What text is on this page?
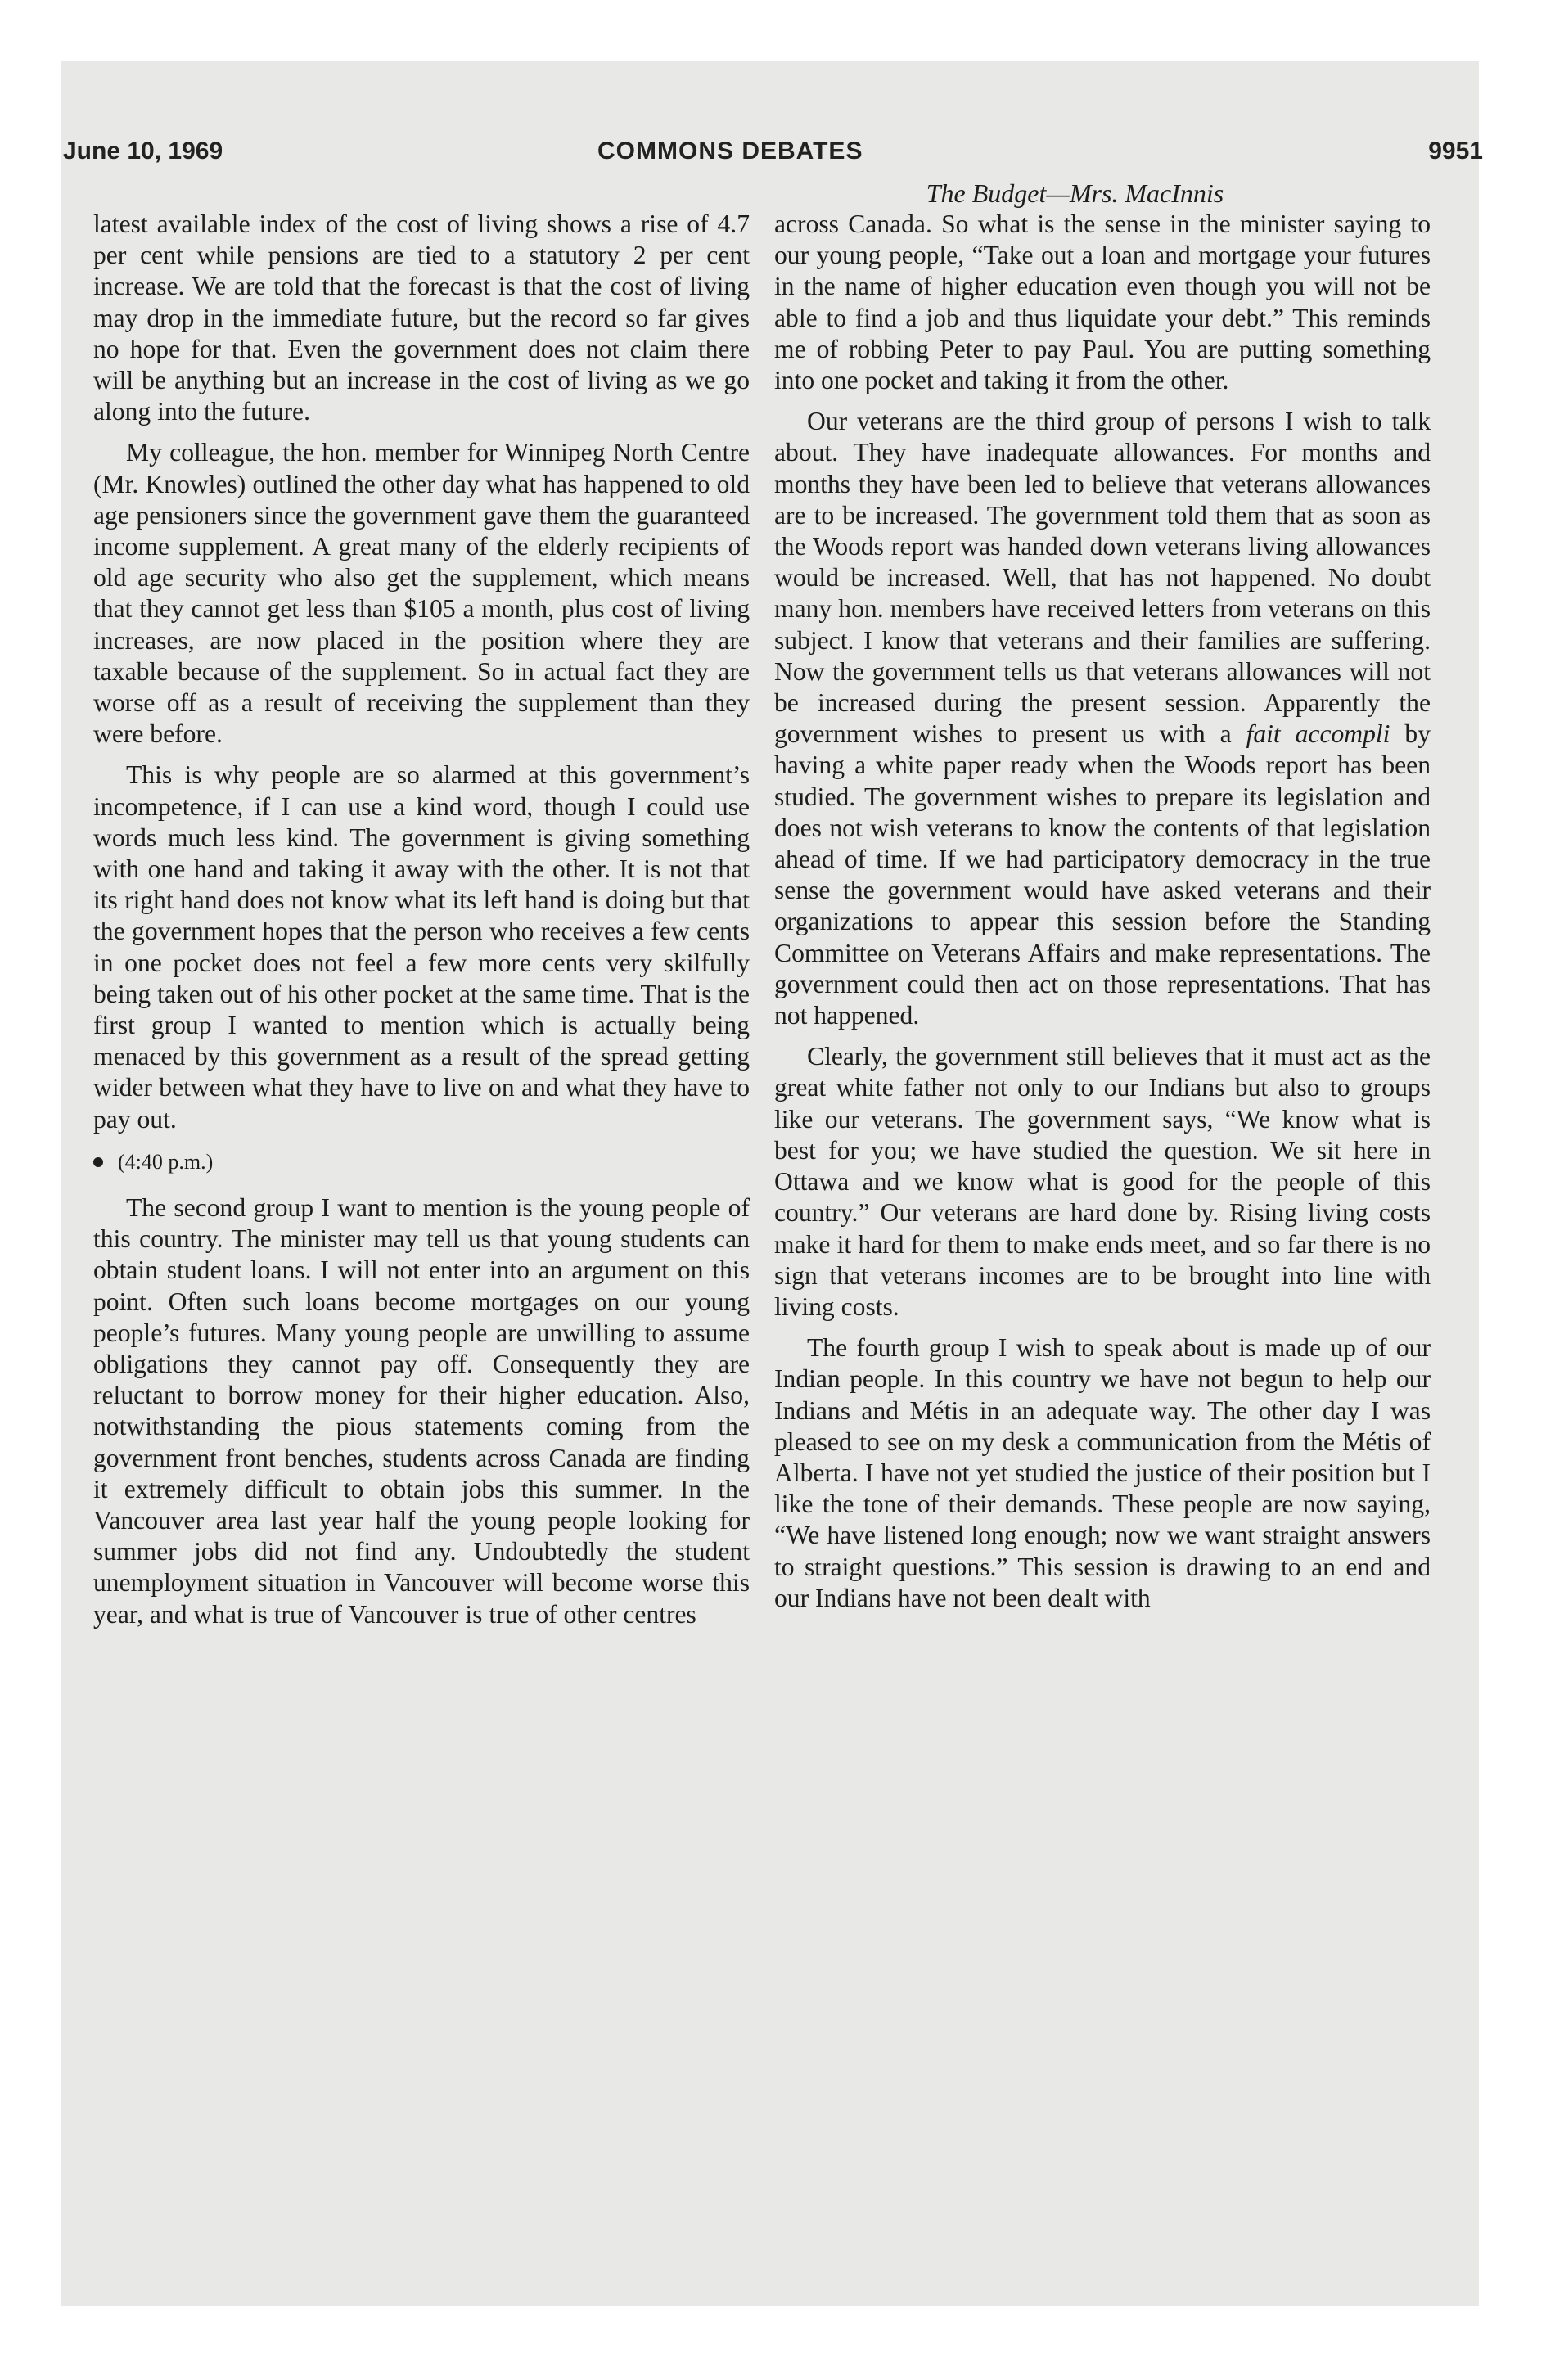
June 10, 1969	COMMONS DEBATES	9951
The Budget—Mrs. MacInnis

latest available index of the cost of living shows a rise of 4.7 per cent while pensions are tied to a statutory 2 per cent increase. We are told that the forecast is that the cost of living may drop in the immediate future, but the record so far gives no hope for that. Even the government does not claim there will be anything but an increase in the cost of living as we go along into the future.

My colleague, the hon. member for Winnipeg North Centre (Mr. Knowles) outlined the other day what has happened to old age pensioners since the government gave them the guaranteed income supplement. A great many of the elderly recipients of old age security who also get the supplement, which means that they cannot get less than $105 a month, plus cost of living increases, are now placed in the position where they are taxable because of the supplement. So in actual fact they are worse off as a result of receiving the supplement than they were before.

This is why people are so alarmed at this government’s incompetence, if I can use a kind word, though I could use words much less kind. The government is giving something with one hand and taking it away with the other. It is not that its right hand does not know what its left hand is doing but that the government hopes that the person who receives a few cents in one pocket does not feel a few more cents very skilfully being taken out of his other pocket at the same time. That is the first group I wanted to mention which is actually being menaced by this government as a result of the spread getting wider between what they have to live on and what they have to pay out.

(4:40 p.m.)

The second group I want to mention is the young people of this country. The minister may tell us that young students can obtain student loans. I will not enter into an argument on this point. Often such loans become mortgages on our young people’s futures. Many young people are unwilling to assume obligations they cannot pay off. Consequently they are reluctant to borrow money for their higher education. Also, notwithstanding the pious statements coming from the government front benches, students across Canada are finding it extremely difficult to obtain jobs this summer. In the Vancouver area last year half the young people looking for summer jobs did not find any. Undoubtedly the student unemployment situation in Vancouver will become worse this year, and what is true of Vancouver is true of other centres

across Canada. So what is the sense in the minister saying to our young people, “Take out a loan and mortgage your futures in the name of higher education even though you will not be able to find a job and thus liquidate your debt.” This reminds me of robbing Peter to pay Paul. You are putting something into one pocket and taking it from the other.

Our veterans are the third group of persons I wish to talk about. They have inadequate allowances. For months and months they have been led to believe that veterans allowances are to be increased. The government told them that as soon as the Woods report was handed down veterans living allowances would be increased. Well, that has not happened. No doubt many hon. members have received letters from veterans on this subject. I know that veterans and their families are suffering. Now the government tells us that veterans allowances will not be increased during the present session. Apparently the government wishes to present us with a fait accompli by having a white paper ready when the Woods report has been studied. The government wishes to prepare its legislation and does not wish veterans to know the contents of that legislation ahead of time. If we had participatory democracy in the true sense the government would have asked veterans and their organizations to appear this session before the Standing Committee on Veterans Affairs and make representations. The government could then act on those representations. That has not happened.

Clearly, the government still believes that it must act as the great white father not only to our Indians but also to groups like our veterans. The government says, “We know what is best for you; we have studied the question. We sit here in Ottawa and we know what is good for the people of this country.” Our veterans are hard done by. Rising living costs make it hard for them to make ends meet, and so far there is no sign that veterans incomes are to be brought into line with living costs.

The fourth group I wish to speak about is made up of our Indian people. In this country we have not begun to help our Indians and Métis in an adequate way. The other day I was pleased to see on my desk a communication from the Métis of Alberta. I have not yet studied the justice of their position but I like the tone of their demands. These people are now saying, “We have listened long enough; now we want straight answers to straight questions.” This session is drawing to an end and our Indians have not been dealt with
